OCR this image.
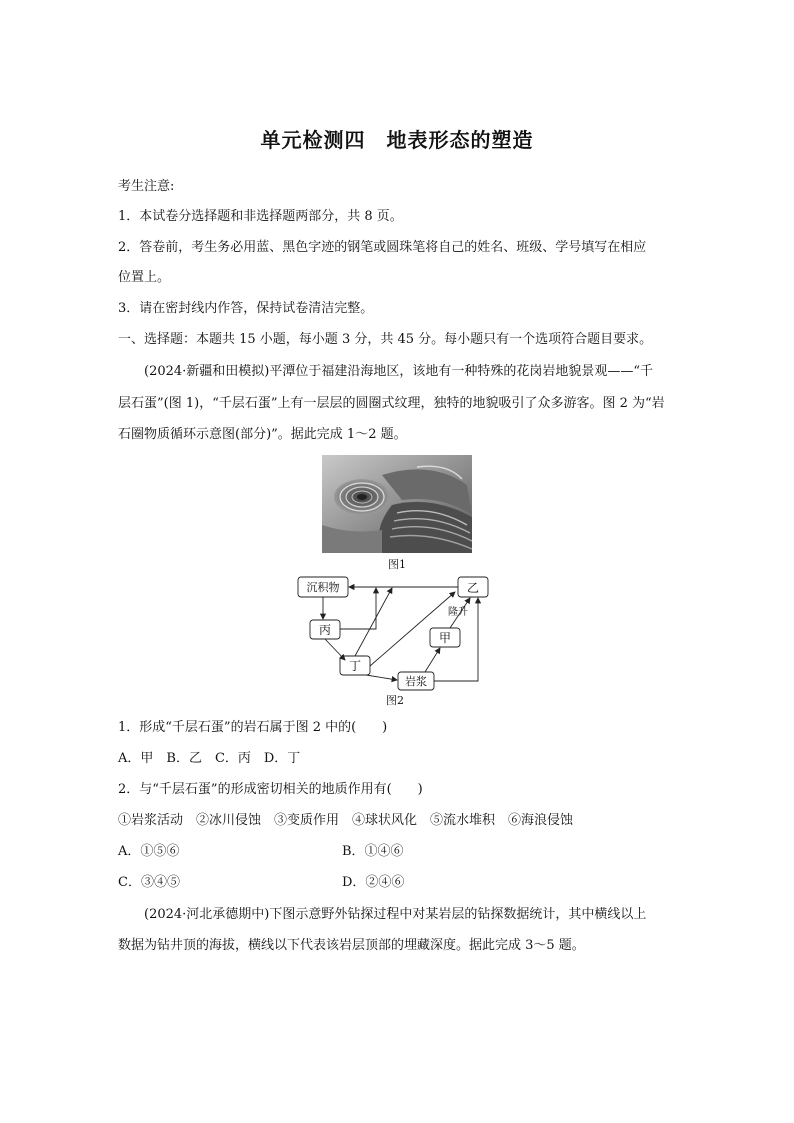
单元检测四　地表形态的塑造
考生注意:
1．本试卷分选择题和非选择题两部分，共 8 页。
2．答卷前，考生务必用蓝、黑色字迹的钢笔或圆珠笔将自己的姓名、班级、学号填写在相应
位置上。
3．请在密封线内作答，保持试卷清洁完整。
一、选择题：本题共 15 小题，每小题 3 分，共 45 分。每小题只有一个选项符合题目要求。
(2024·新疆和田模拟)平潭位于福建沿海地区，该地有一种特殊的花岗岩地貌景观——“千
层石蛋”(图 1)，“千层石蛋”上有一层层的圆圈式纹理，独特的地貌吸引了众多游客。图 2 为“岩
石圈物质循环示意图(部分)”。据此完成 1～2 题。
图1
沉积物	乙
丙
甲
丁
岩浆
隆升
图2
1．形成“千层石蛋”的岩石属于图 2 中的(　　)
A．甲　B．乙　C．丙　D．丁
2．与“千层石蛋”的形成密切相关的地质作用有(　　)
①岩浆活动　②冰川侵蚀　③变质作用　④球状风化　⑤流水堆积　⑥海浪侵蚀
A．①⑤⑥	B．①④⑥
C．③④⑤	D．②④⑥
(2024·河北承德期中)下图示意野外钻探过程中对某岩层的钻探数据统计，其中横线以上
数据为钻井顶的海拔，横线以下代表该岩层顶部的埋藏深度。据此完成 3～5 题。
